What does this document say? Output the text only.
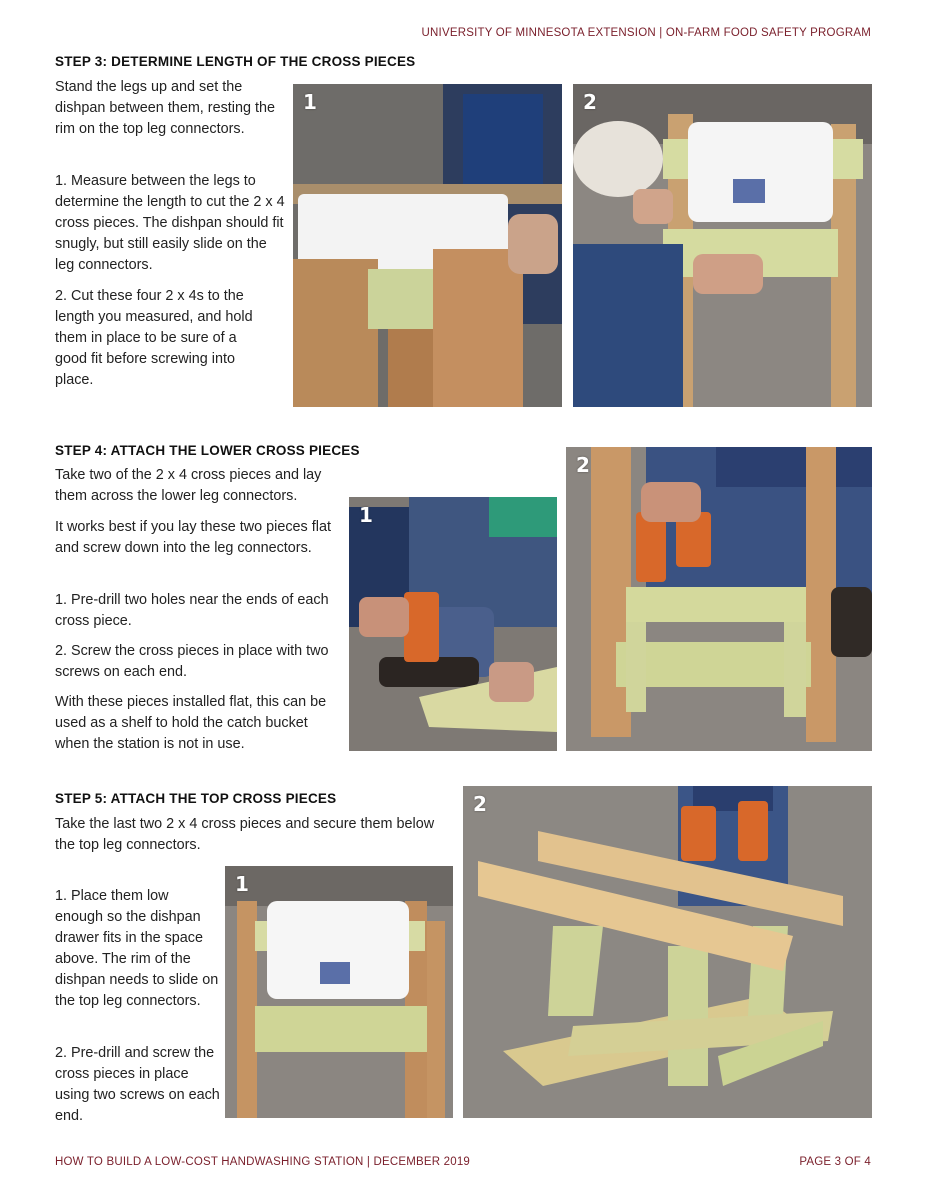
UNIVERSITY OF MINNESOTA EXTENSION | ON-FARM FOOD SAFETY PROGRAM
STEP 3: DETERMINE LENGTH OF THE CROSS PIECES
Stand the legs up and set the dishpan between them, resting the rim on the top leg connectors.
1. Measure between the legs to determine the length to cut the 2 x 4 cross pieces. The dishpan should fit snugly, but still easily slide on the leg connectors.
2. Cut these four 2 x 4s to the length you measured, and hold them in place to be sure of a good fit before screwing into place.
1	2
STEP 4: ATTACH THE LOWER CROSS PIECES
Take two of the 2 x 4 cross pieces and lay them across the lower leg connectors.
It works best if you lay these two pieces flat and screw down into the leg connectors.
1. Pre-drill two holes near the ends of each cross piece.
2. Screw the cross pieces in place with two screws on each end.
With these pieces installed flat, this can be used as a shelf to hold the catch bucket when the station is not in use.
1
2
STEP 5: ATTACH THE TOP CROSS PIECES
Take the last two 2 x 4 cross pieces and secure them below the top leg connectors.
1. Place them low enough so the dishpan drawer fits in the space above. The rim of the dishpan needs to slide on the top leg connectors.
2. Pre-drill and screw the cross pieces in place using two screws on each end.
1
2
HOW TO BUILD A LOW-COST HANDWASHING STATION | DECEMBER 2019	PAGE 3 OF 4
